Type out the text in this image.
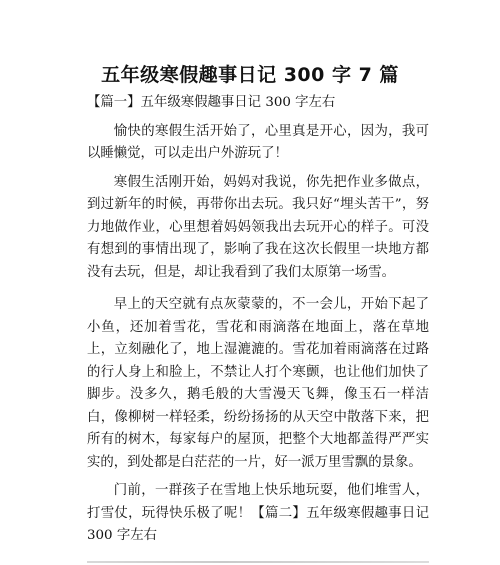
五年级寒假趣事日记 300 字 7 篇

【篇一】五年级寒假趣事日记 300 字左右

愉快的寒假生活开始了，心里真是开心，因为，我可以睡懒觉，可以走出户外游玩了！

寒假生活刚开始，妈妈对我说，你先把作业多做点，到过新年的时候，再带你出去玩。我只好“埋头苦干”，努力地做作业，心里想着妈妈领我出去玩开心的样子。可没有想到的事情出现了，影响了我在这次长假里一块地方都没有去玩，但是，却让我看到了我们太原第一场雪。

早上的天空就有点灰蒙蒙的，不一会儿，开始下起了小鱼，还加着雪花，雪花和雨滴落在地面上，落在草地上，立刻融化了，地上湿漉漉的。雪花加着雨滴落在过路的行人身上和脸上，不禁让人打个寒颤，也让他们加快了脚步。没多久，鹅毛般的大雪漫天飞舞，像玉石一样洁白，像柳树一样轻柔，纷纷扬扬的从天空中散落下来，把所有的树木，每家每户的屋顶，把整个大地都盖得严严实实的，到处都是白茫茫的一片，好一派万里雪飘的景象。

门前，一群孩子在雪地上快乐地玩耍，他们堆雪人，打雪仗，玩得快乐极了呢！【篇二】五年级寒假趣事日记 300 字左右
